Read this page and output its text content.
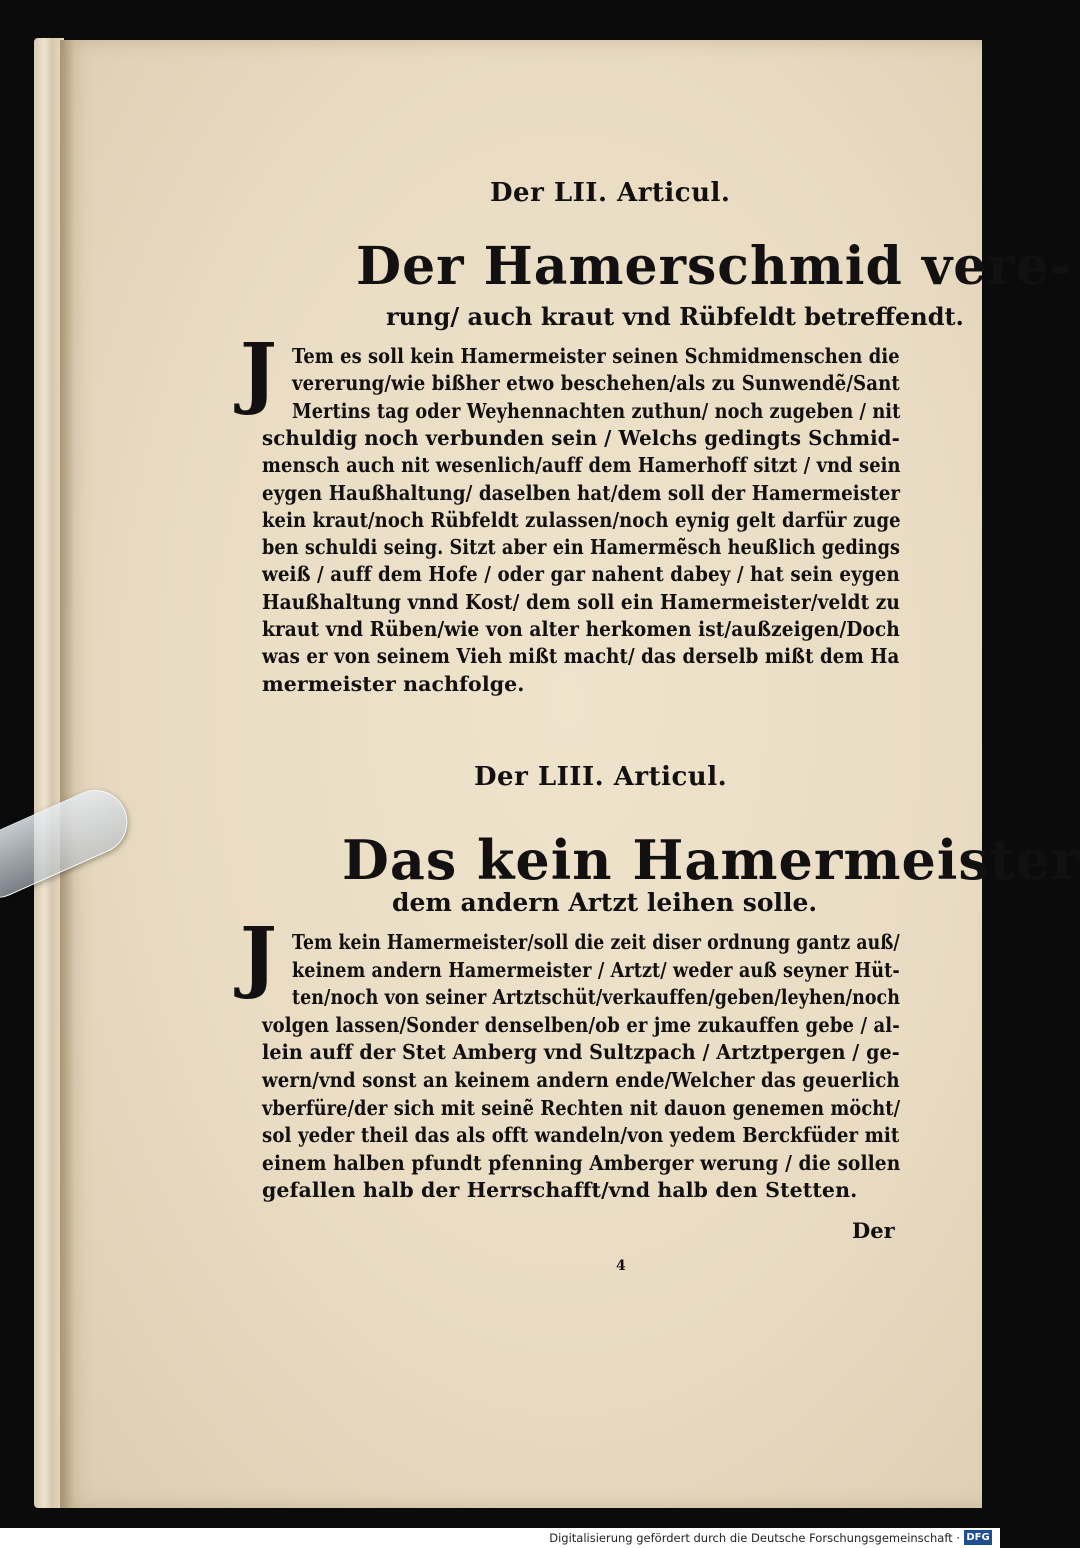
Der LII. Articul.
Der Hamerschmid vere-
rung/ auch kraut vnd Rübfeldt betreffendt.
J Tem es soll kein Hamermeister seinen Schmidmenschen die
vererung/wie bißher etwo beschehen/als zu Sunwendẽ/Sant
Mertins tag oder Weyhennachten zuthun/ noch zugeben / nit
schuldig noch verbunden sein / Welchs gedingts Schmid-
mensch auch nit wesenlich/auff dem Hamerhoff sitzt / vnd sein
eygen Haußhaltung/ daselben hat/dem soll der Hamermeister
kein kraut/noch Rübfeldt zulassen/noch eynig gelt darfür zuge
ben schuldi seing. Sitzt aber ein Hamermẽsch heußlich gedings
weiß / auff dem Hofe / oder gar nahent dabey / hat sein eygen
Haußhaltung vnnd Kost/ dem soll ein Hamermeister/veldt zu
kraut vnd Rüben/wie von alter herkomen ist/außzeigen/Doch
was er von seinem Vieh mißt macht/ das derselb mißt dem Ha
mermeister nachfolge.
Der LIII. Articul.
Das kein Hamermeister
dem andern Artzt leihen solle.
J Tem kein Hamermeister/soll die zeit diser ordnung gantz auß/
keinem andern Hamermeister / Artzt/ weder auß seyner Hüt-
ten/noch von seiner Artztschüt/verkauffen/geben/leyhen/noch
volgen lassen/Sonder denselben/ob er jme zukauffen gebe / al-
lein auff der Stet Amberg vnd Sultzpach / Artztpergen / ge-
wern/vnd sonst an keinem andern ende/Welcher das geuerlich
vberfüre/der sich mit seinẽ Rechten nit dauon genemen möcht/
sol yeder theil das als offt wandeln/von yedem Berckfüder mit
einem halben pfundt pfenning Amberger werung / die sollen
gefallen halb der Herrschafft/vnd halb den Stetten.
Der
4
Digitalisierung gefördert durch die Deutsche Forschungsgemeinschaft · DFG
